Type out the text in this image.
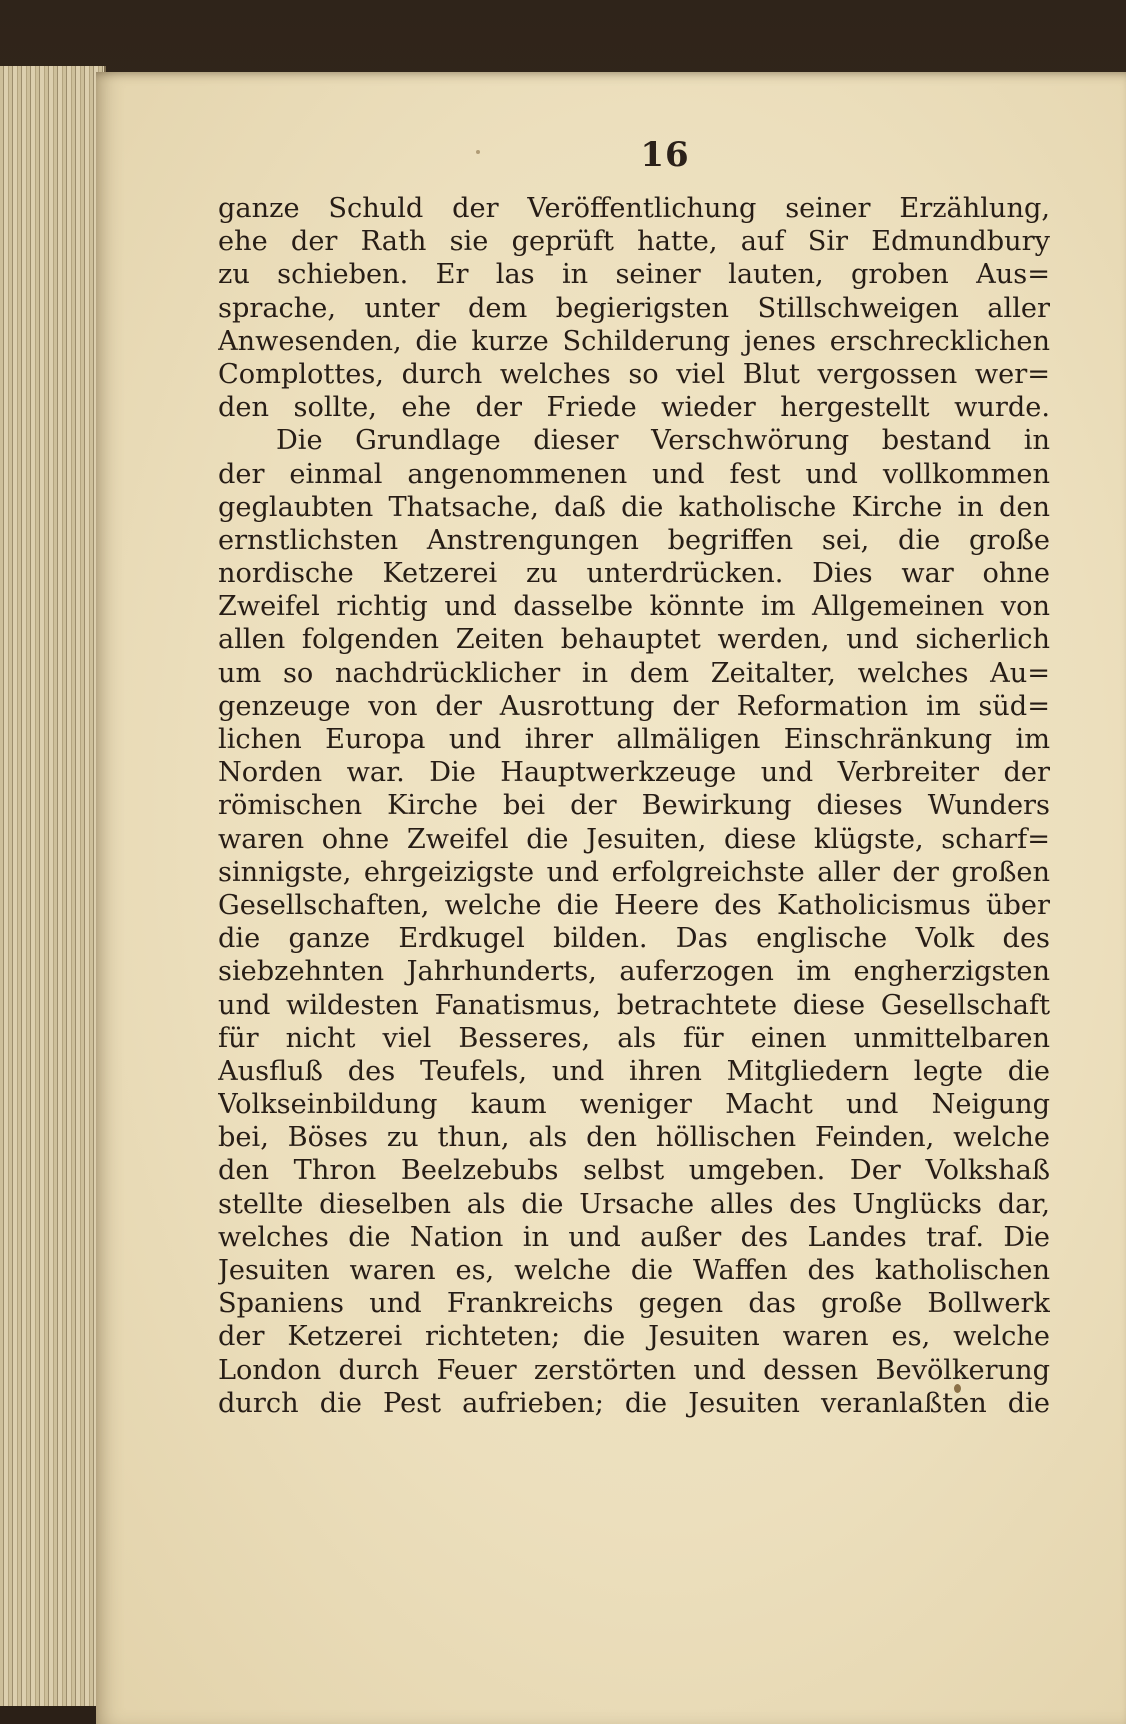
16
ganze Schuld der Veröffentlichung seiner Erzählung,
ehe der Rath sie geprüft hatte, auf Sir Edmundbury
zu schieben. Er las in seiner lauten, groben Aus=
sprache, unter dem begierigsten Stillschweigen aller
Anwesenden, die kurze Schilderung jenes erschrecklichen
Complottes, durch welches so viel Blut vergossen wer=
den sollte, ehe der Friede wieder hergestellt wurde.
Die Grundlage dieser Verschwörung bestand in
der einmal angenommenen und fest und vollkommen
geglaubten Thatsache, daß die katholische Kirche in den
ernstlichsten Anstrengungen begriffen sei, die große
nordische Ketzerei zu unterdrücken. Dies war ohne
Zweifel richtig und dasselbe könnte im Allgemeinen von
allen folgenden Zeiten behauptet werden, und sicherlich
um so nachdrücklicher in dem Zeitalter, welches Au=
genzeuge von der Ausrottung der Reformation im süd=
lichen Europa und ihrer allmäligen Einschränkung im
Norden war. Die Hauptwerkzeuge und Verbreiter der
römischen Kirche bei der Bewirkung dieses Wunders
waren ohne Zweifel die Jesuiten, diese klügste, scharf=
sinnigste, ehrgeizigste und erfolgreichste aller der großen
Gesellschaften, welche die Heere des Katholicismus über
die ganze Erdkugel bilden. Das englische Volk des
siebzehnten Jahrhunderts, auferzogen im engherzigsten
und wildesten Fanatismus, betrachtete diese Gesellschaft
für nicht viel Besseres, als für einen unmittelbaren
Ausfluß des Teufels, und ihren Mitgliedern legte die
Volkseinbildung kaum weniger Macht und Neigung
bei, Böses zu thun, als den höllischen Feinden, welche
den Thron Beelzebubs selbst umgeben. Der Volkshaß
stellte dieselben als die Ursache alles des Unglücks dar,
welches die Nation in und außer des Landes traf. Die
Jesuiten waren es, welche die Waffen des katholischen
Spaniens und Frankreichs gegen das große Bollwerk
der Ketzerei richteten; die Jesuiten waren es, welche
London durch Feuer zerstörten und dessen Bevölkerung
durch die Pest aufrieben; die Jesuiten veranlaßten die
